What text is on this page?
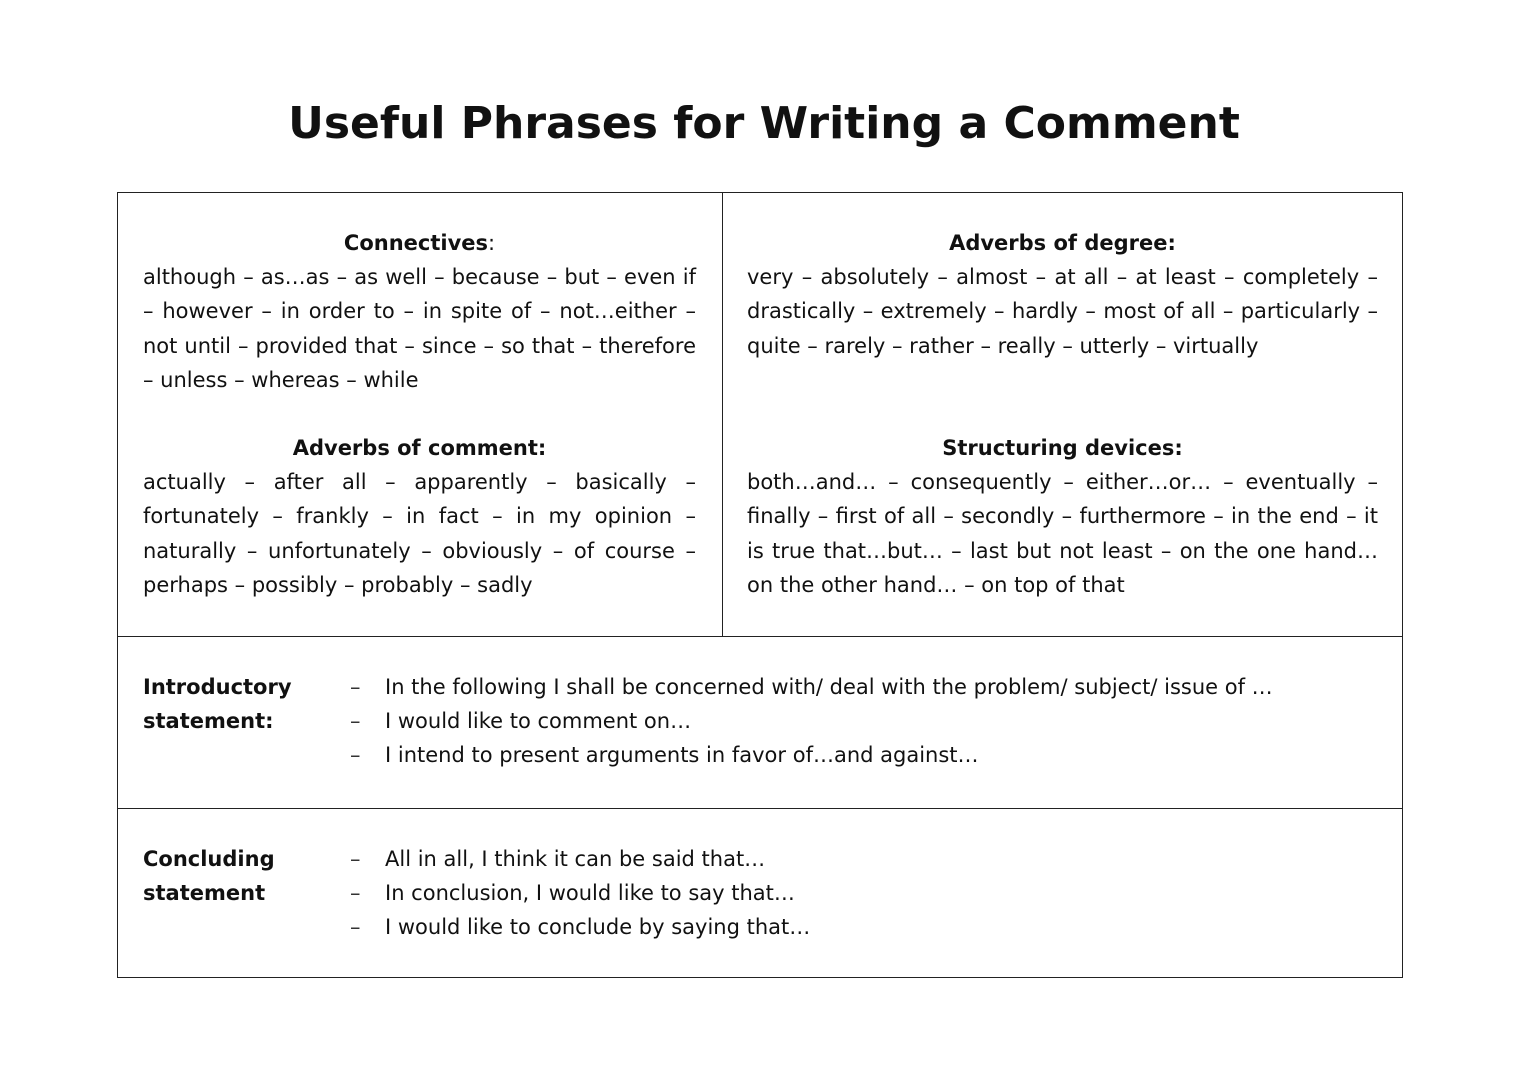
Useful Phrases for Writing a Comment
Connectives:

although – as…as – as well – because – but – even if – however – in order to – in spite of – not…either – not until – provided that – since – so that – therefore – unless – whereas – while

Adverbs of degree:

very – absolutely – almost – at all – at least – completely – drastically – extremely – hardly – most of all – particularly – quite – rarely – rather – really – utterly – virtually

Adverbs of comment:

actually – after all – apparently – basically – fortunately – frankly – in fact – in my opinion – naturally – unfortunately – obviously – of course – perhaps – possibly – probably – sadly

Structuring devices:

both…and… – consequently – either…or… – eventually – finally – first of all – secondly – furthermore – in the end – it is true that…but… – last but not least – on the one hand…on the other hand… – on top of that

Introductory
statement:
– In the following I shall be concerned with/ deal with the problem/ subject/ issue of …
– I would like to comment on…
– I intend to present arguments in favor of…and against…
Concluding
statement
– All in all, I think it can be said that…
– In conclusion, I would like to say that…
– I would like to conclude by saying that…
